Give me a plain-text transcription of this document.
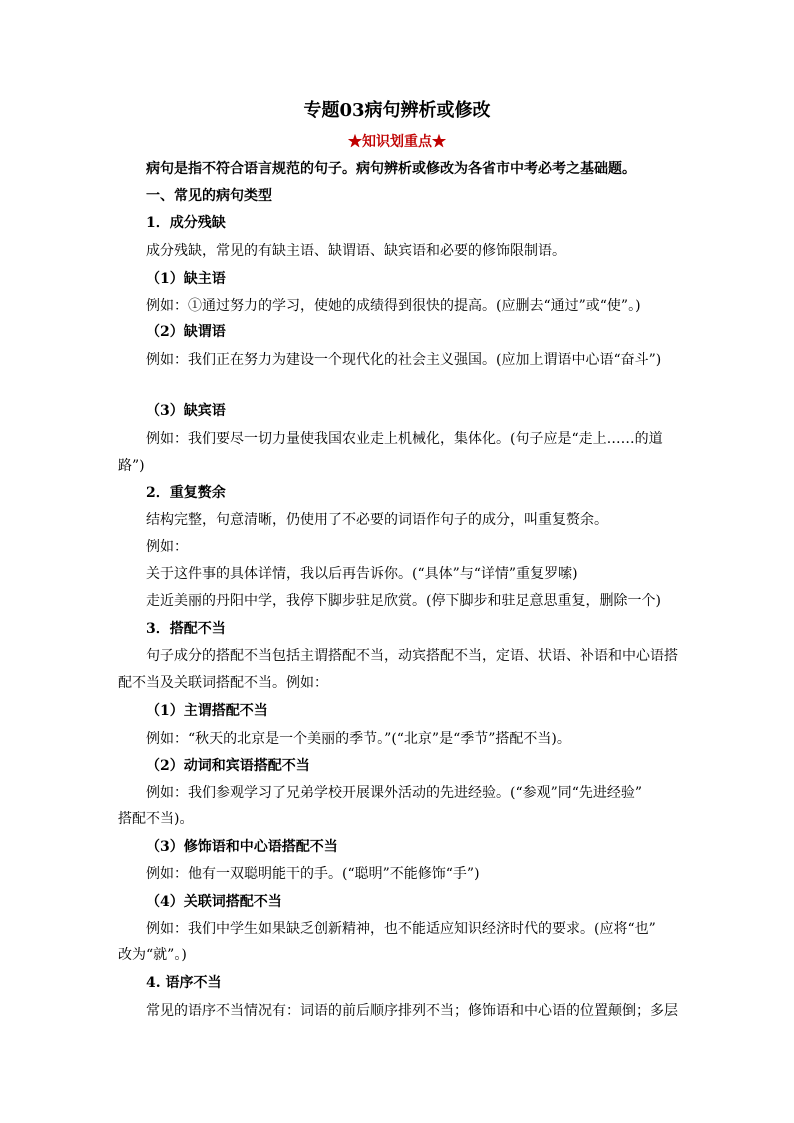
专题03病句辨析或修改
★知识划重点★
病句是指不符合语言规范的句子。病句辨析或修改为各省市中考必考之基础题。
一、常见的病句类型
1．成分残缺
成分残缺，常见的有缺主语、缺谓语、缺宾语和必要的修饰限制语。
（1）缺主语
例如：①通过努力的学习，使她的成绩得到很快的提高。(应删去“通过”或“使”。)
（2）缺谓语
例如：我们正在努力为建设一个现代化的社会主义强国。(应加上谓语中心语“奋斗”)
（3）缺宾语
例如：我们要尽一切力量使我国农业走上机械化，集体化。(句子应是“走上……的道
路”)
2．重复赘余
结构完整，句意清晰，仍使用了不必要的词语作句子的成分，叫重复赘余。
例如：
关于这件事的具体详情，我以后再告诉你。(“具体”与“详情”重复罗嗦)
走近美丽的丹阳中学，我停下脚步驻足欣赏。(停下脚步和驻足意思重复，删除一个)
3．搭配不当
句子成分的搭配不当包括主谓搭配不当，动宾搭配不当，定语、状语、补语和中心语搭
配不当及关联词搭配不当。例如：
（1）主谓搭配不当
例如：“秋天的北京是一个美丽的季节。”(“北京”是“季节”搭配不当)。
（2）动词和宾语搭配不当
例如：我们参观学习了兄弟学校开展课外活动的先进经验。(“参观”同“先进经验”
搭配不当)。
（3）修饰语和中心语搭配不当
例如：他有一双聪明能干的手。(“聪明”不能修饰“手”)
（4）关联词搭配不当
例如：我们中学生如果缺乏创新精神，也不能适应知识经济时代的要求。(应将“也”
改为“就”。)
4. 语序不当
常见的语序不当情况有：词语的前后顺序排列不当；修饰语和中心语的位置颠倒；多层
